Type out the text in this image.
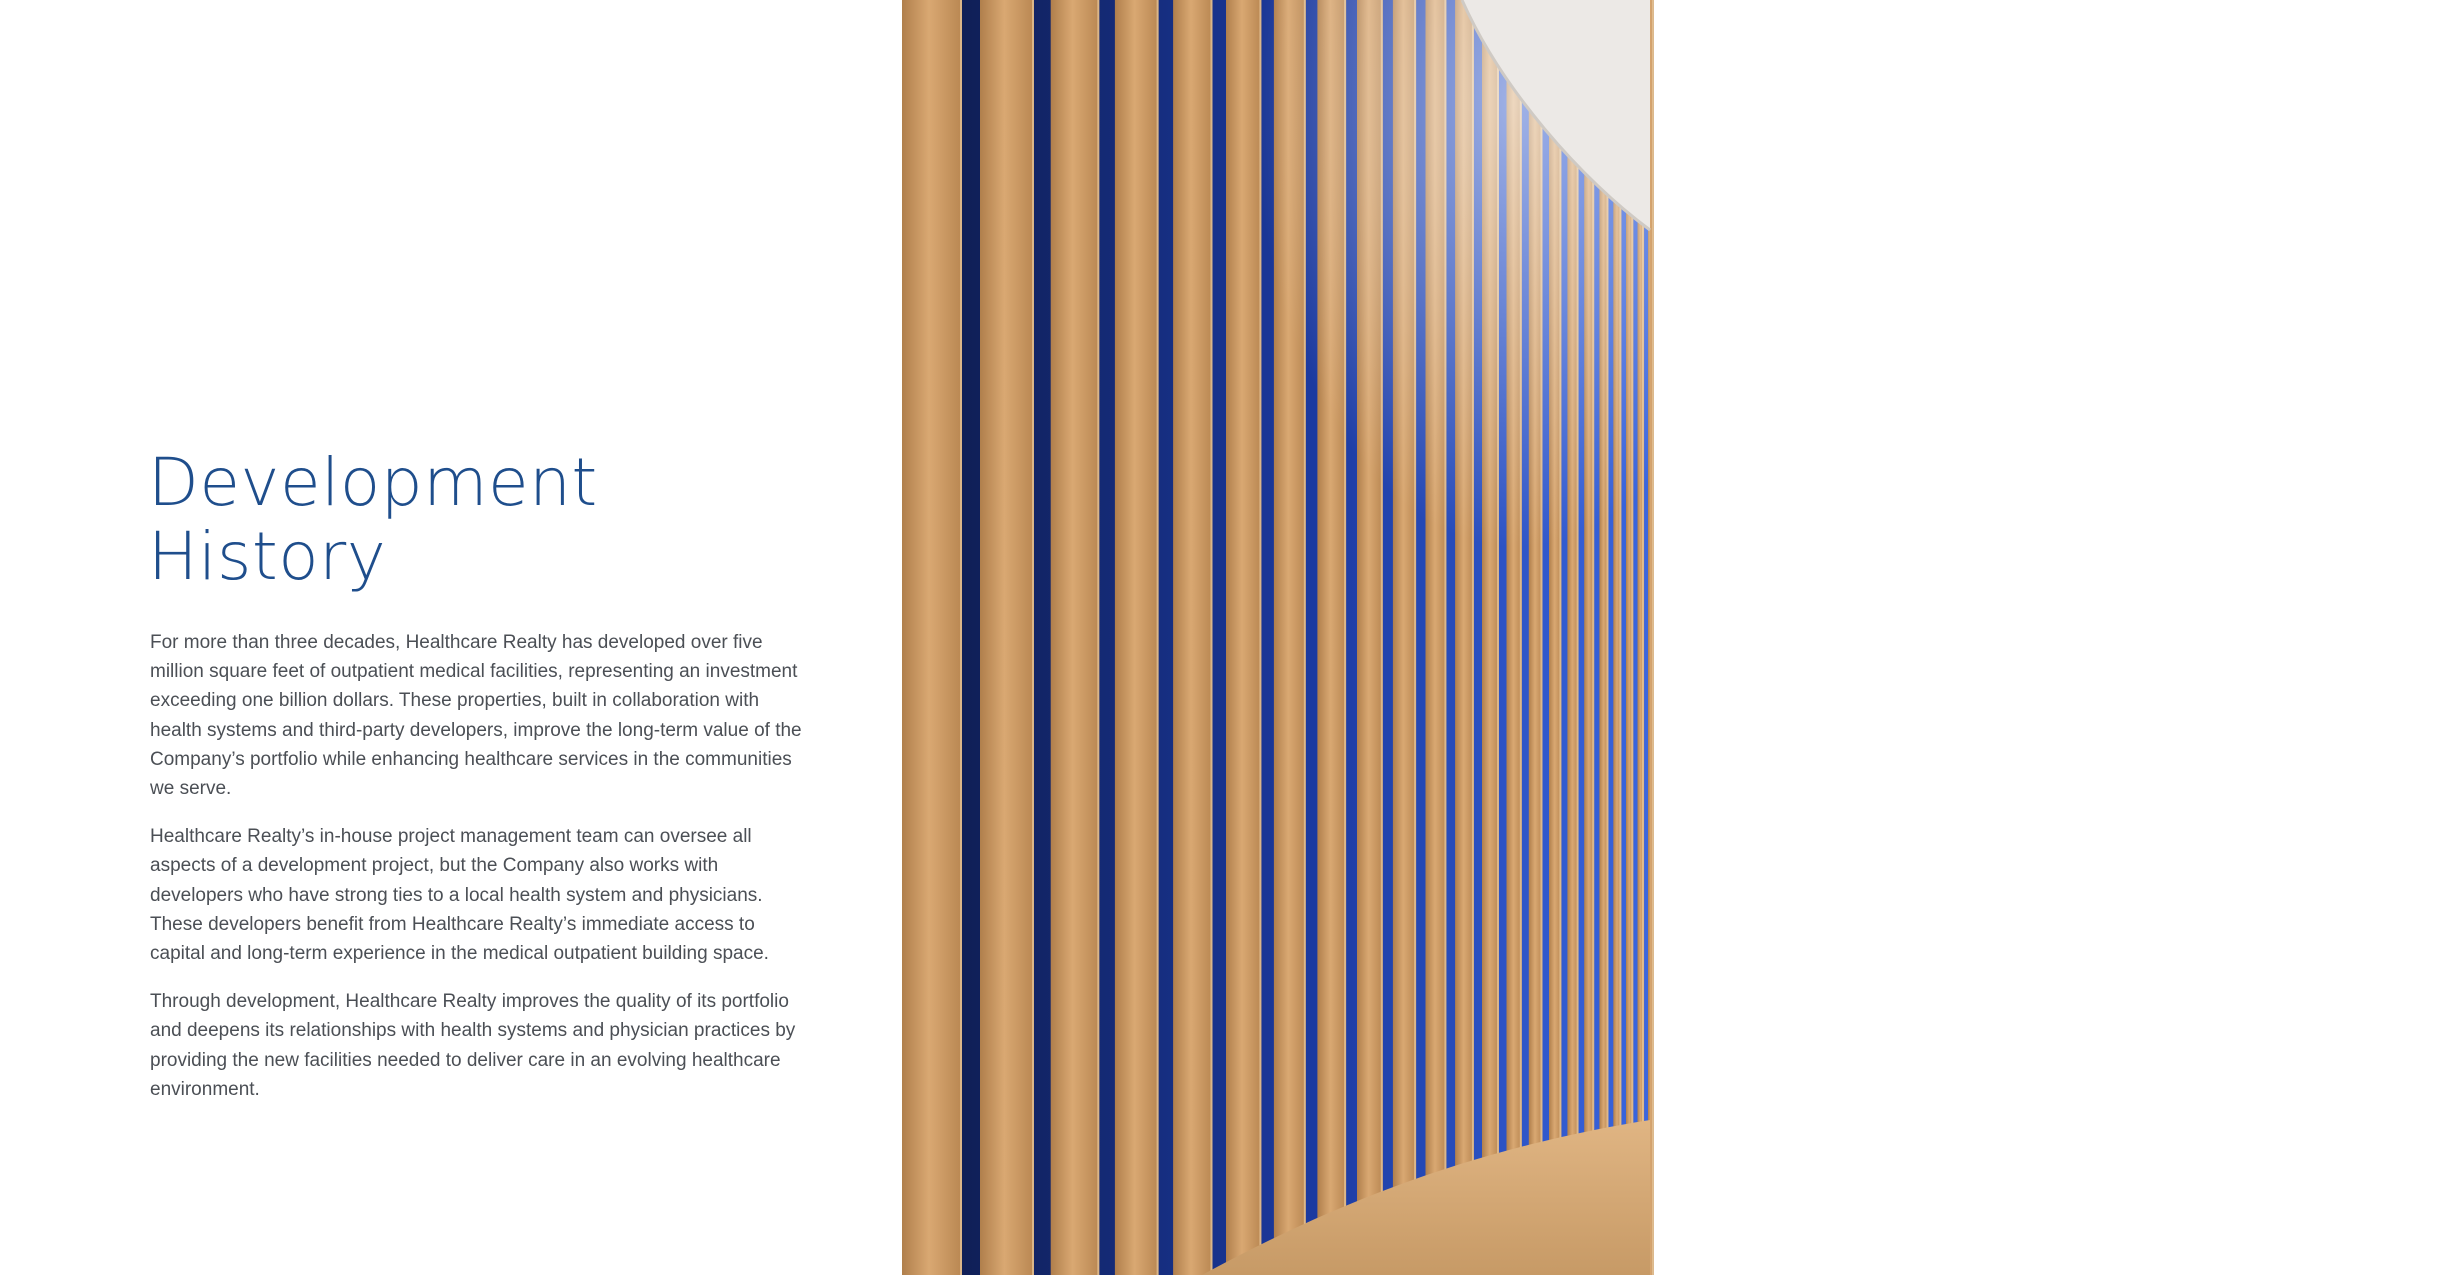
Development
History

For more than three decades, Healthcare Realty has developed over five million square feet of outpatient medical facilities, representing an investment exceeding one billion dollars. These properties, built in collaboration with health systems and third-party developers, improve the long-term value of the Company’s portfolio while enhancing healthcare services in the communities we serve.

Healthcare Realty’s in-house project management team can oversee all aspects of a development project, but the Company also works with developers who have strong ties to a local health system and physicians. These developers benefit from Healthcare Realty’s immediate access to capital and long-term experience in the medical outpatient building space.

Through development, Healthcare Realty improves the quality of its portfolio and deepens its relationships with health systems and physician practices by providing the new facilities needed to deliver care in an evolving healthcare environment.

Company Overview 5
